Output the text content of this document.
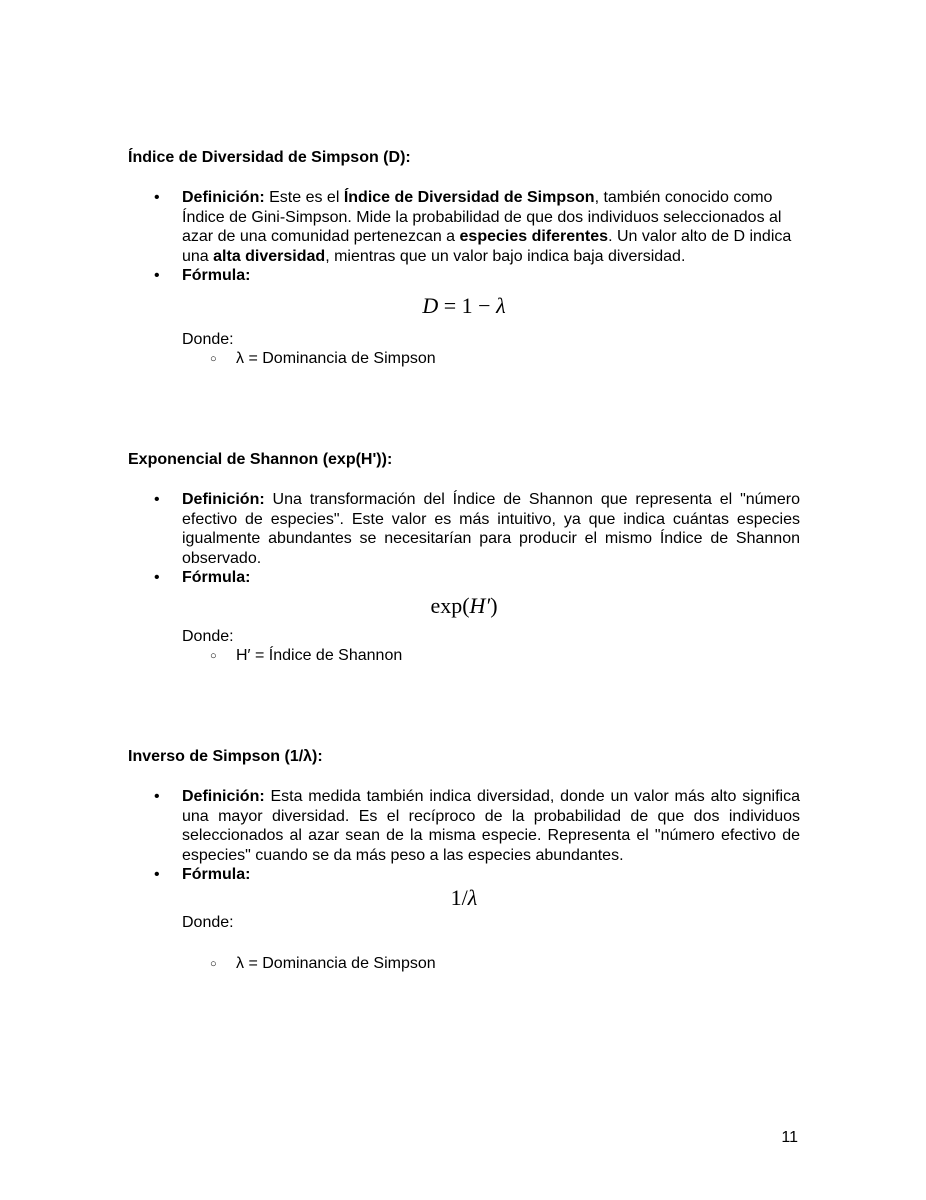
Índice de Diversidad de Simpson (D):

• Definición: Este es el Índice de Diversidad de Simpson, también conocido como Índice de Gini-Simpson. Mide la probabilidad de que dos individuos seleccionados al azar de una comunidad pertenezcan a especies diferentes. Un valor alto de D indica una alta diversidad, mientras que un valor bajo indica baja diversidad.

• Fórmula:

D = 1 − λ
Donde:
○ λ = Dominancia de Simpson

Exponencial de Shannon (exp(H')):

• Definición: Una transformación del Índice de Shannon que representa el "número efectivo de especies". Este valor es más intuitivo, ya que indica cuántas especies igualmente abundantes se necesitarían para producir el mismo Índice de Shannon observado.

• Fórmula:

exp(H′)
Donde:
○ H′ = Índice de Shannon

Inverso de Simpson (1/λ):

• Definición: Esta medida también indica diversidad, donde un valor más alto significa una mayor diversidad. Es el recíproco de la probabilidad de que dos individuos seleccionados al azar sean de la misma especie. Representa el "número efectivo de especies" cuando se da más peso a las especies abundantes.

• Fórmula:

1/λ
Donde:
○ λ = Dominancia de Simpson
11
